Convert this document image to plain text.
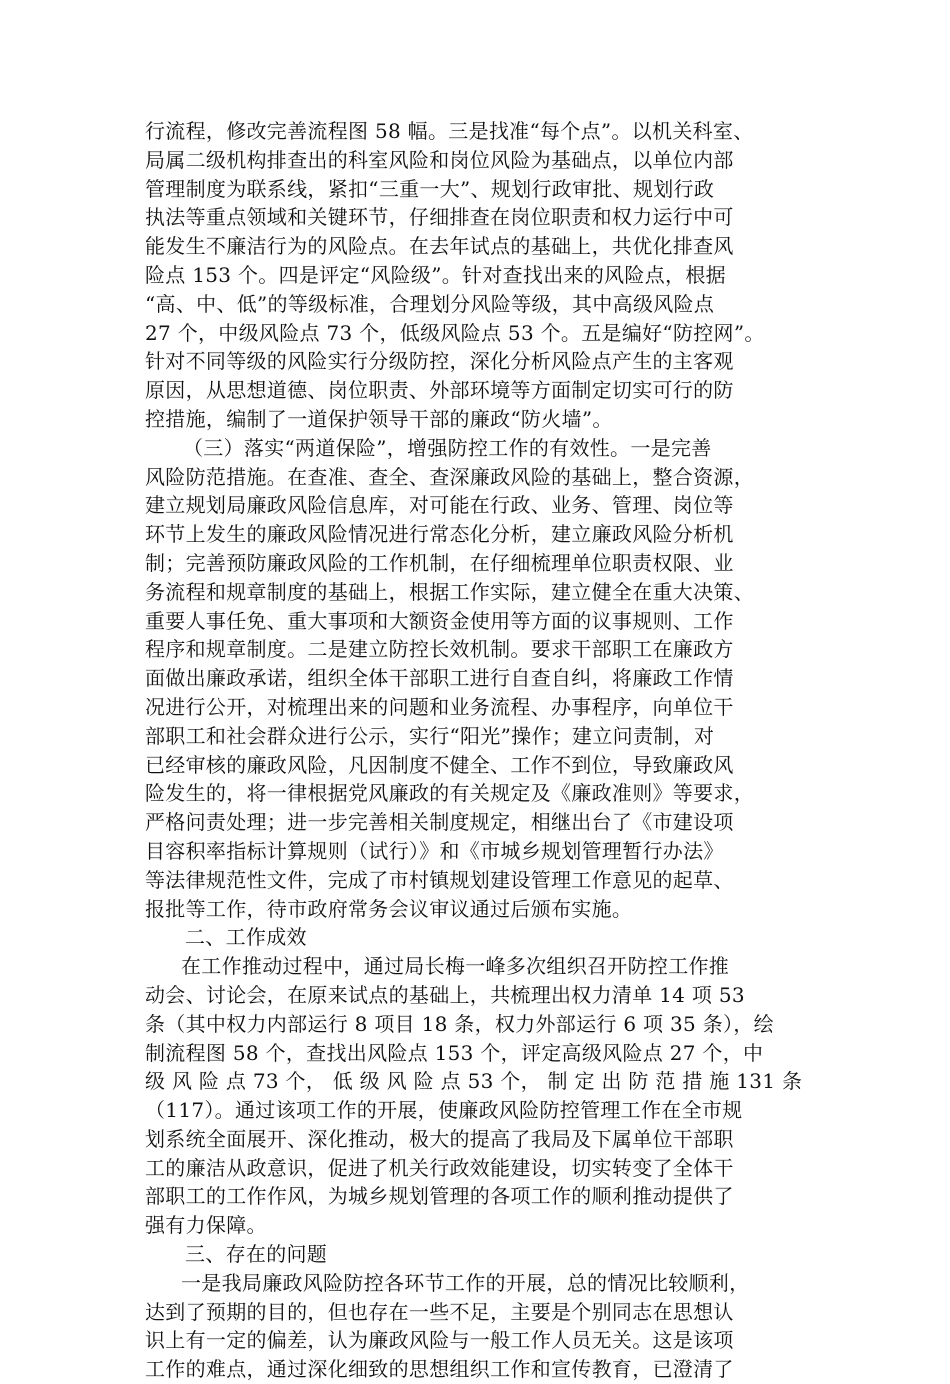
行流程，修改完善流程图 58 幅。三是找准“每个点”。以机关科室、
局属二级机构排查出的科室风险和岗位风险为基础点，以单位内部
管理制度为联系线，紧扣“三重一大”、规划行政审批、规划行政
执法等重点领域和关键环节，仔细排查在岗位职责和权力运行中可
能发生不廉洁行为的风险点。在去年试点的基础上，共优化排查风
险点 153 个。四是评定“风险级”。针对查找出来的风险点，根据
“高、中、低”的等级标准，合理划分风险等级，其中高级风险点
27 个，中级风险点 73 个，低级风险点 53 个。五是编好“防控网”。
针对不同等级的风险实行分级防控，深化分析风险点产生的主客观
原因，从思想道德、岗位职责、外部环境等方面制定切实可行的防
控措施，编制了一道保护领导干部的廉政“防火墙”。
（三）落实“两道保险”，增强防控工作的有效性。一是完善
风险防范措施。在查准、查全、查深廉政风险的基础上，整合资源，
建立规划局廉政风险信息库，对可能在行政、业务、管理、岗位等
环节上发生的廉政风险情况进行常态化分析，建立廉政风险分析机
制；完善预防廉政风险的工作机制，在仔细梳理单位职责权限、业
务流程和规章制度的基础上，根据工作实际，建立健全在重大决策、
重要人事任免、重大事项和大额资金使用等方面的议事规则、工作
程序和规章制度。二是建立防控长效机制。要求干部职工在廉政方
面做出廉政承诺，组织全体干部职工进行自查自纠，将廉政工作情
况进行公开，对梳理出来的问题和业务流程、办事程序，向单位干
部职工和社会群众进行公示，实行“阳光”操作；建立问责制，对
已经审核的廉政风险，凡因制度不健全、工作不到位，导致廉政风
险发生的，将一律根据党风廉政的有关规定及《廉政准则》等要求，
严格问责处理；进一步完善相关制度规定，相继出台了《市建设项
目容积率指标计算规则（试行）》和《市城乡规划管理暂行办法》
等法律规范性文件，完成了市村镇规划建设管理工作意见的起草、
报批等工作，待市政府常务会议审议通过后颁布实施。
二、工作成效
在工作推动过程中，通过局长梅一峰多次组织召开防控工作推
动会、讨论会，在原来试点的基础上，共梳理出权力清单 14 项 53
条（其中权力内部运行 8 项目 18 条，权力外部运行 6 项 35 条），绘
制流程图 58 个，查找出风险点 153 个，评定高级风险点 27 个，中
级 风 险 点 73 个， 低 级 风 险 点 53 个， 制 定 出 防 范 措 施 131 条
（117）。通过该项工作的开展，使廉政风险防控管理工作在全市规
划系统全面展开、深化推动，极大的提高了我局及下属单位干部职
工的廉洁从政意识，促进了机关行政效能建设，切实转变了全体干
部职工的工作作风，为城乡规划管理的各项工作的顺利推动提供了
强有力保障。
三、存在的问题
一是我局廉政风险防控各环节工作的开展，总的情况比较顺利，
达到了预期的目的，但也存在一些不足，主要是个别同志在思想认
识上有一定的偏差，认为廉政风险与一般工作人员无关。这是该项
工作的难点，通过深化细致的思想组织工作和宣传教育，已澄清了
